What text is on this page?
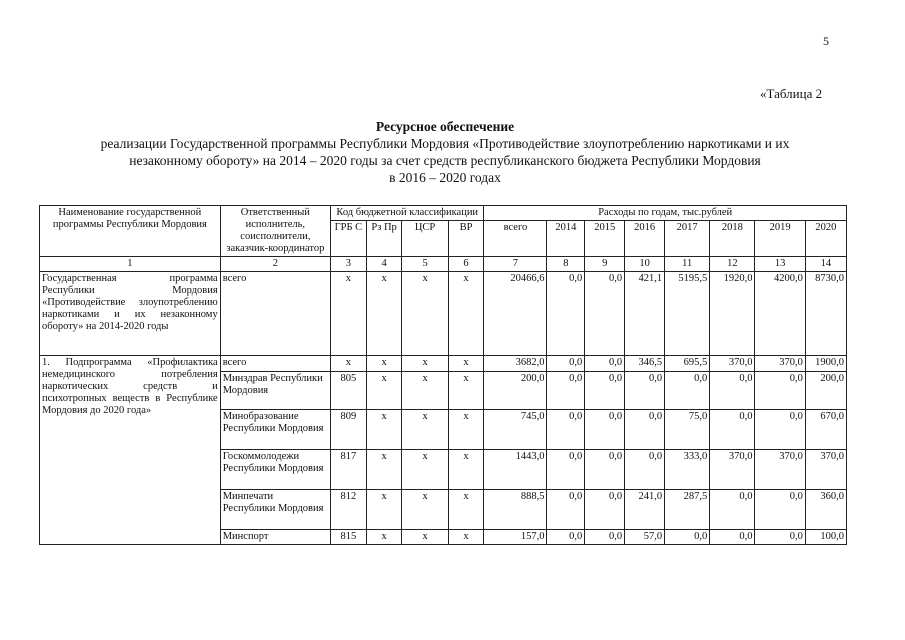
5
«Таблица 2
Ресурсное обеспечение
реализации Государственной программы Республики Мордовия «Противодействие злоупотреблению наркотиками и их
незаконному обороту» на 2014 – 2020 годы за счет средств республиканского бюджета Республики Мордовия
в 2016 – 2020 годах
Наименование государственной программы Республики Мордовия	Ответственный исполнитель, соисполнители, заказчик-координатор	Код бюджетной классификации				Расходы по годам, тыс.рублей							
		ГРБ С	Рз Пр	ЦСР	ВР	всего	2014	2015	2016	2017	2018	2019	2020
1	2	3	4	5	6	7	8	9	10	11	12	13	14
Государственная программа Республики Мордовия «Противодействие злоупотреблению наркотиками и их незаконному обороту» на 2014-2020 годы	всего	x	x	x	x	20466,6	0,0	0,0	421,1	5195,5	1920,0	4200,0	8730,0
1. Подпрограмма «Профилактика немедицинского потребления наркотических средств и психотропных веществ в Республике Мордовия до 2020 года»	всего	x	x	x	x	3682,0	0,0	0,0	346,5	695,5	370,0	370,0	1900,0
	Минздрав Республики Мордовия	805	x	x	x	200,0	0,0	0,0	0,0	0,0	0,0	0,0	200,0
	Минобразование Республики Мордовия	809	x	x	x	745,0	0,0	0,0	0,0	75,0	0,0	0,0	670,0
	Госкоммолодежи Республики Мордовия	817	x	x	x	1443,0	0,0	0,0	0,0	333,0	370,0	370,0	370,0
	Минпечати Республики Мордовия	812	x	x	x	888,5	0,0	0,0	241,0	287,5	0,0	0,0	360,0
	Минспорт	815	x	x	x	157,0	0,0	0,0	57,0	0,0	0,0	0,0	100,0
